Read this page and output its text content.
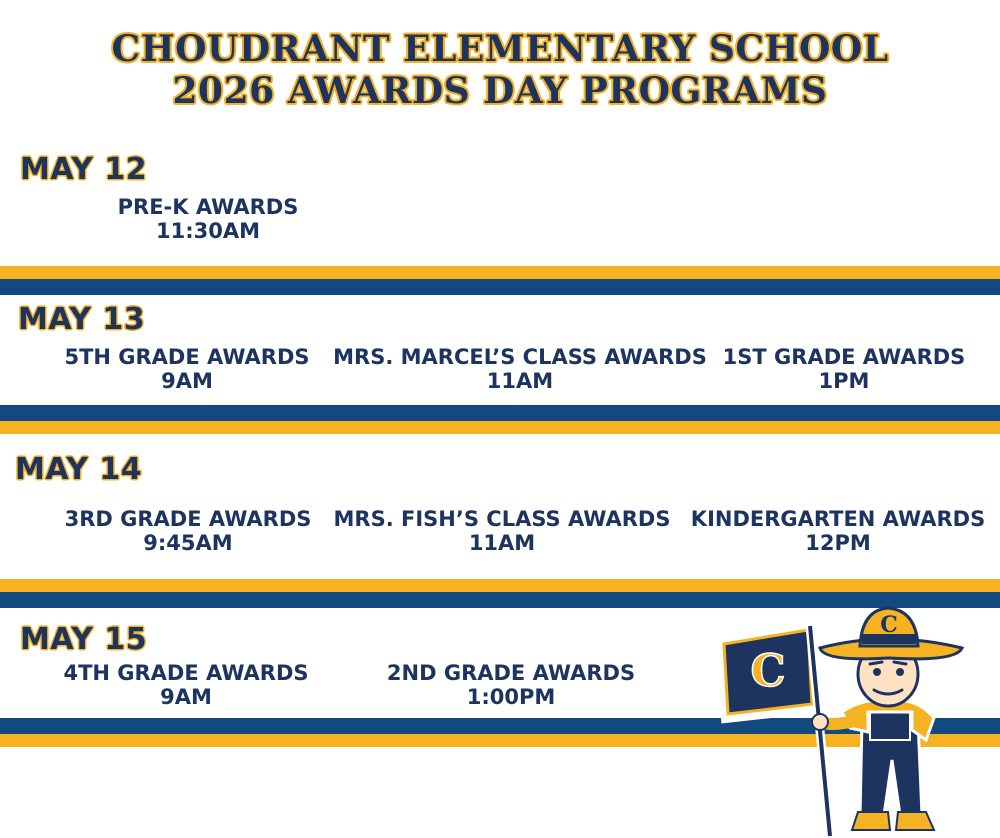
CHOUDRANT ELEMENTARY SCHOOL
2026 AWARDS DAY PROGRAMS
MAY 12
PRE-K AWARDS
11:30AM
MAY 13
5TH GRADE AWARDS
9AM
MRS. MARCEL’S CLASS AWARDS
11AM
1ST GRADE AWARDS
1PM
MAY 14
3RD GRADE AWARDS
9:45AM
MRS. FISH’S CLASS AWARDS
11AM
KINDERGARTEN AWARDS
12PM
MAY 15
4TH GRADE AWARDS
9AM
2ND GRADE AWARDS
1:00PM	C
C
